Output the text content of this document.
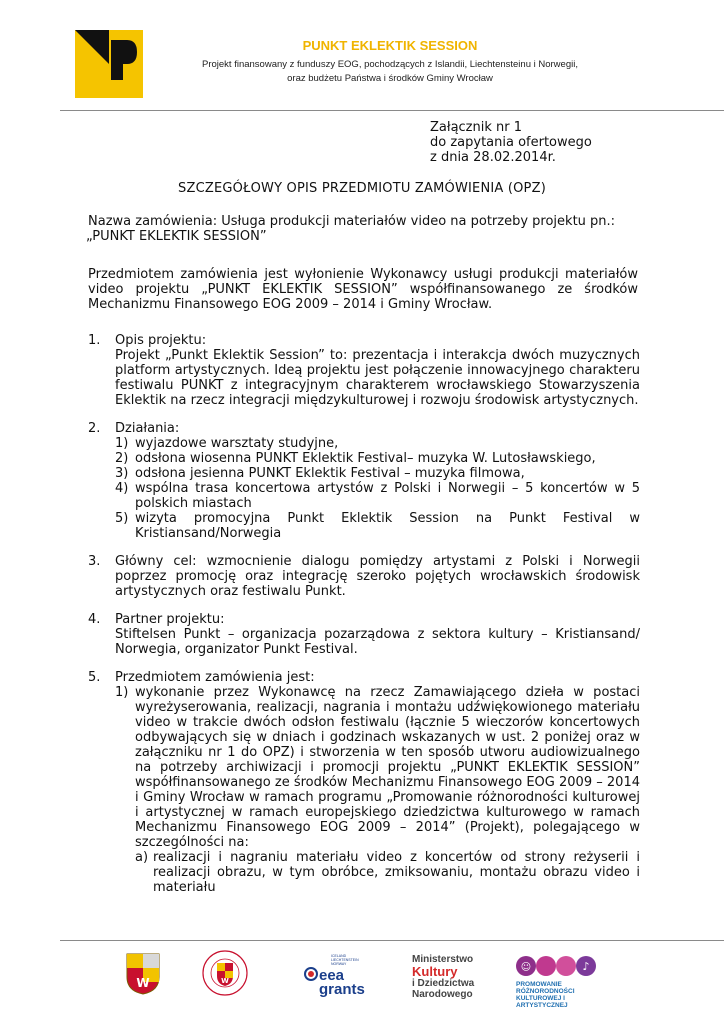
PUNKT EKLEKTIK SESSION
Projekt finansowany z funduszy EOG, pochodzących z Islandii, Liechtensteinu i Norwegii,
oraz budżetu Państwa i środków Gminy Wrocław
Załącznik nr 1
do zapytania ofertowego
z dnia 28.02.2014r.
SZCZEGÓŁOWY OPIS PRZEDMIOTU ZAMÓWIENIA (OPZ)
Nazwa zamówienia: Usługa produkcji materiałów video na potrzeby projektu pn.:
„PUNKT EKLEKTIK SESSION”
Przedmiotem zamówienia jest wyłonienie Wykonawcy usługi produkcji materiałów video projektu „PUNKT EKLEKTIK SESSION” współfinansowanego ze środków Mechanizmu Finansowego EOG 2009 – 2014 i Gminy Wrocław.
1. Opis projektu:
Projekt „Punkt Eklektik Session” to: prezentacja i interakcja dwóch muzycznych platform artystycznych. Ideą projektu jest połączenie innowacyjnego charakteru festiwalu PUNKT z integracyjnym charakterem wrocławskiego Stowarzyszenia Eklektik na rzecz integracji międzykulturowej i rozwoju środowisk artystycznych.
2. Działania:
1) wyjazdowe warsztaty studyjne,
2) odsłona wiosenna PUNKT Eklektik Festival– muzyka W. Lutosławskiego,
3) odsłona jesienna PUNKT Eklektik Festival – muzyka filmowa,
4) wspólna trasa koncertowa artystów z Polski i Norwegii – 5 koncertów w 5 polskich miastach
5) wizyta promocyjna Punkt Eklektik Session na Punkt Festival w Kristiansand/Norwegia
3. Główny cel: wzmocnienie dialogu pomiędzy artystami z Polski i Norwegii poprzez promocję oraz integrację szeroko pojętych wrocławskich środowisk artystycznych oraz festiwalu Punkt.
4. Partner projektu:
Stiftelsen Punkt – organizacja pozarządowa z sektora kultury – Kristiansand/ Norwegia, organizator Punkt Festival.
5. Przedmiotem zamówienia jest:
1) wykonanie przez Wykonawcę na rzecz Zamawiającego dzieła w postaci wyreżyserowania, realizacji, nagrania i montażu udźwiękowionego materiału video w trakcie dwóch odsłon festiwalu (łącznie 5 wieczorów koncertowych odbywających się w dniach i godzinach wskazanych w ust. 2 poniżej oraz w załączniku nr 1 do OPZ) i stworzenia w ten sposób utworu audiowizualnego na potrzeby archiwizacji i promocji projektu „PUNKT EKLEKTIK SESSION” współfinansowanego ze środków Mechanizmu Finansowego EOG 2009 – 2014 i Gminy Wrocław w ramach programu „Promowanie różnorodności kulturowej i artystycznej w ramach europejskiego dziedzictwa kulturowego w ramach Mechanizmu Finansowego EOG 2009 – 2014” (Projekt), polegającego w szczególności na:
a) realizacji i nagraniu materiału video z koncertów od strony reżyserii i realizacji obrazu, w tym obróbce, zmiksowaniu, montażu obrazu video i materiału
W	W
ICELAND
LIECHTENSTEIN
NORWAY
eea
grants
Ministerstwo
Kultury
i Dziedzictwa
Narodowego
♪
☺
PROMOWANIE RÓŻNORODNOŚCI
KULTUROWEJ I ARTYSTYCZNEJ
